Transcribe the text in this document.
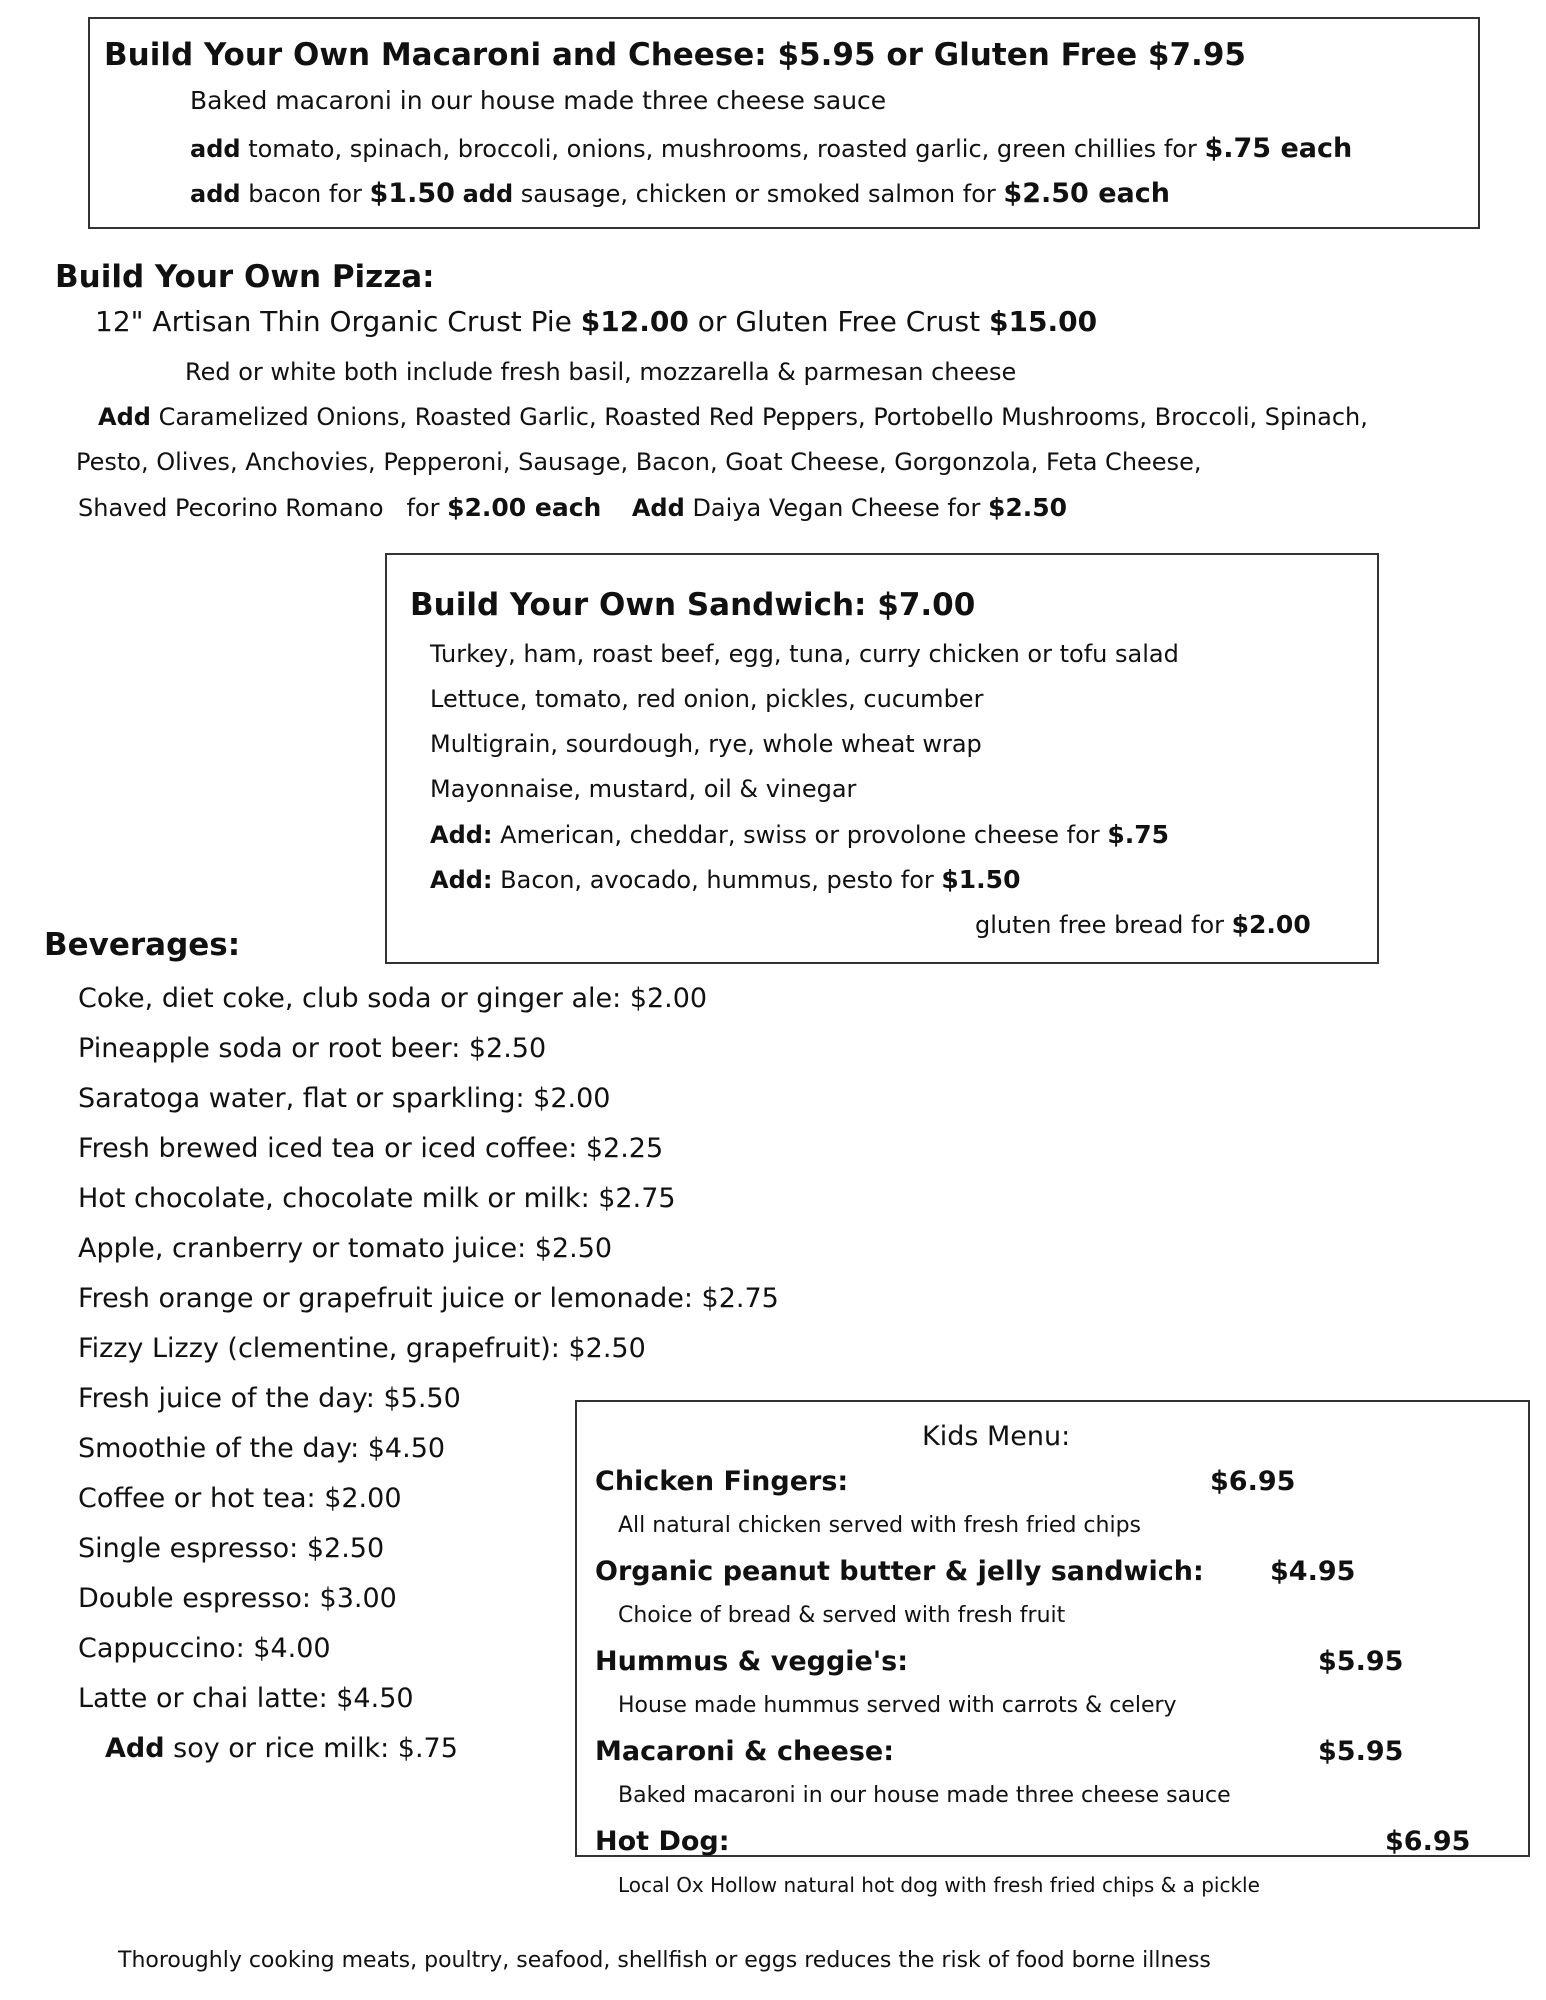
Build Your Own Macaroni and Cheese: $5.95 or Gluten Free $7.95
Baked macaroni in our house made three cheese sauce
add tomato, spinach, broccoli, onions, mushrooms, roasted garlic, green chillies for $.75 each
add bacon for $1.50 add sausage, chicken or smoked salmon for $2.50 each
Build Your Own Pizza:
12" Artisan Thin Organic Crust Pie $12.00 or Gluten Free Crust $15.00
Red or white both include fresh basil, mozzarella & parmesan cheese
Add Caramelized Onions, Roasted Garlic, Roasted Red Peppers, Portobello Mushrooms, Broccoli, Spinach,
Pesto, Olives, Anchovies, Pepperoni, Sausage, Bacon, Goat Cheese, Gorgonzola, Feta Cheese,
Shaved Pecorino Romano for $2.00 each Add Daiya Vegan Cheese for $2.50
Build Your Own Sandwich: $7.00
Turkey, ham, roast beef, egg, tuna, curry chicken or tofu salad
Lettuce, tomato, red onion, pickles, cucumber
Multigrain, sourdough, rye, whole wheat wrap
Mayonnaise, mustard, oil & vinegar
Add: American, cheddar, swiss or provolone cheese for $.75
Add: Bacon, avocado, hummus, pesto for $1.50
gluten free bread for $2.00
Beverages:
Coke, diet coke, club soda or ginger ale: $2.00
Pineapple soda or root beer: $2.50
Saratoga water, flat or sparkling: $2.00
Fresh brewed iced tea or iced coffee: $2.25
Hot chocolate, chocolate milk or milk: $2.75
Apple, cranberry or tomato juice: $2.50
Fresh orange or grapefruit juice or lemonade: $2.75
Fizzy Lizzy (clementine, grapefruit): $2.50
Fresh juice of the day: $5.50
Smoothie of the day: $4.50
Coffee or hot tea: $2.00
Single espresso: $2.50
Double espresso: $3.00
Cappuccino: $4.00
Latte or chai latte: $4.50
Add soy or rice milk: $.75
Kids Menu:
Chicken Fingers:	$6.95
All natural chicken served with fresh fried chips
Organic peanut butter & jelly sandwich: $4.95
Choice of bread & served with fresh fruit
Hummus & veggie's:	$5.95
House made hummus served with carrots & celery
Macaroni & cheese:	$5.95
Baked macaroni in our house made three cheese sauce
Hot Dog:	$6.95
Local Ox Hollow natural hot dog with fresh fried chips & a pickle
Thoroughly cooking meats, poultry, seafood, shellfish or eggs reduces the risk of food borne illness
